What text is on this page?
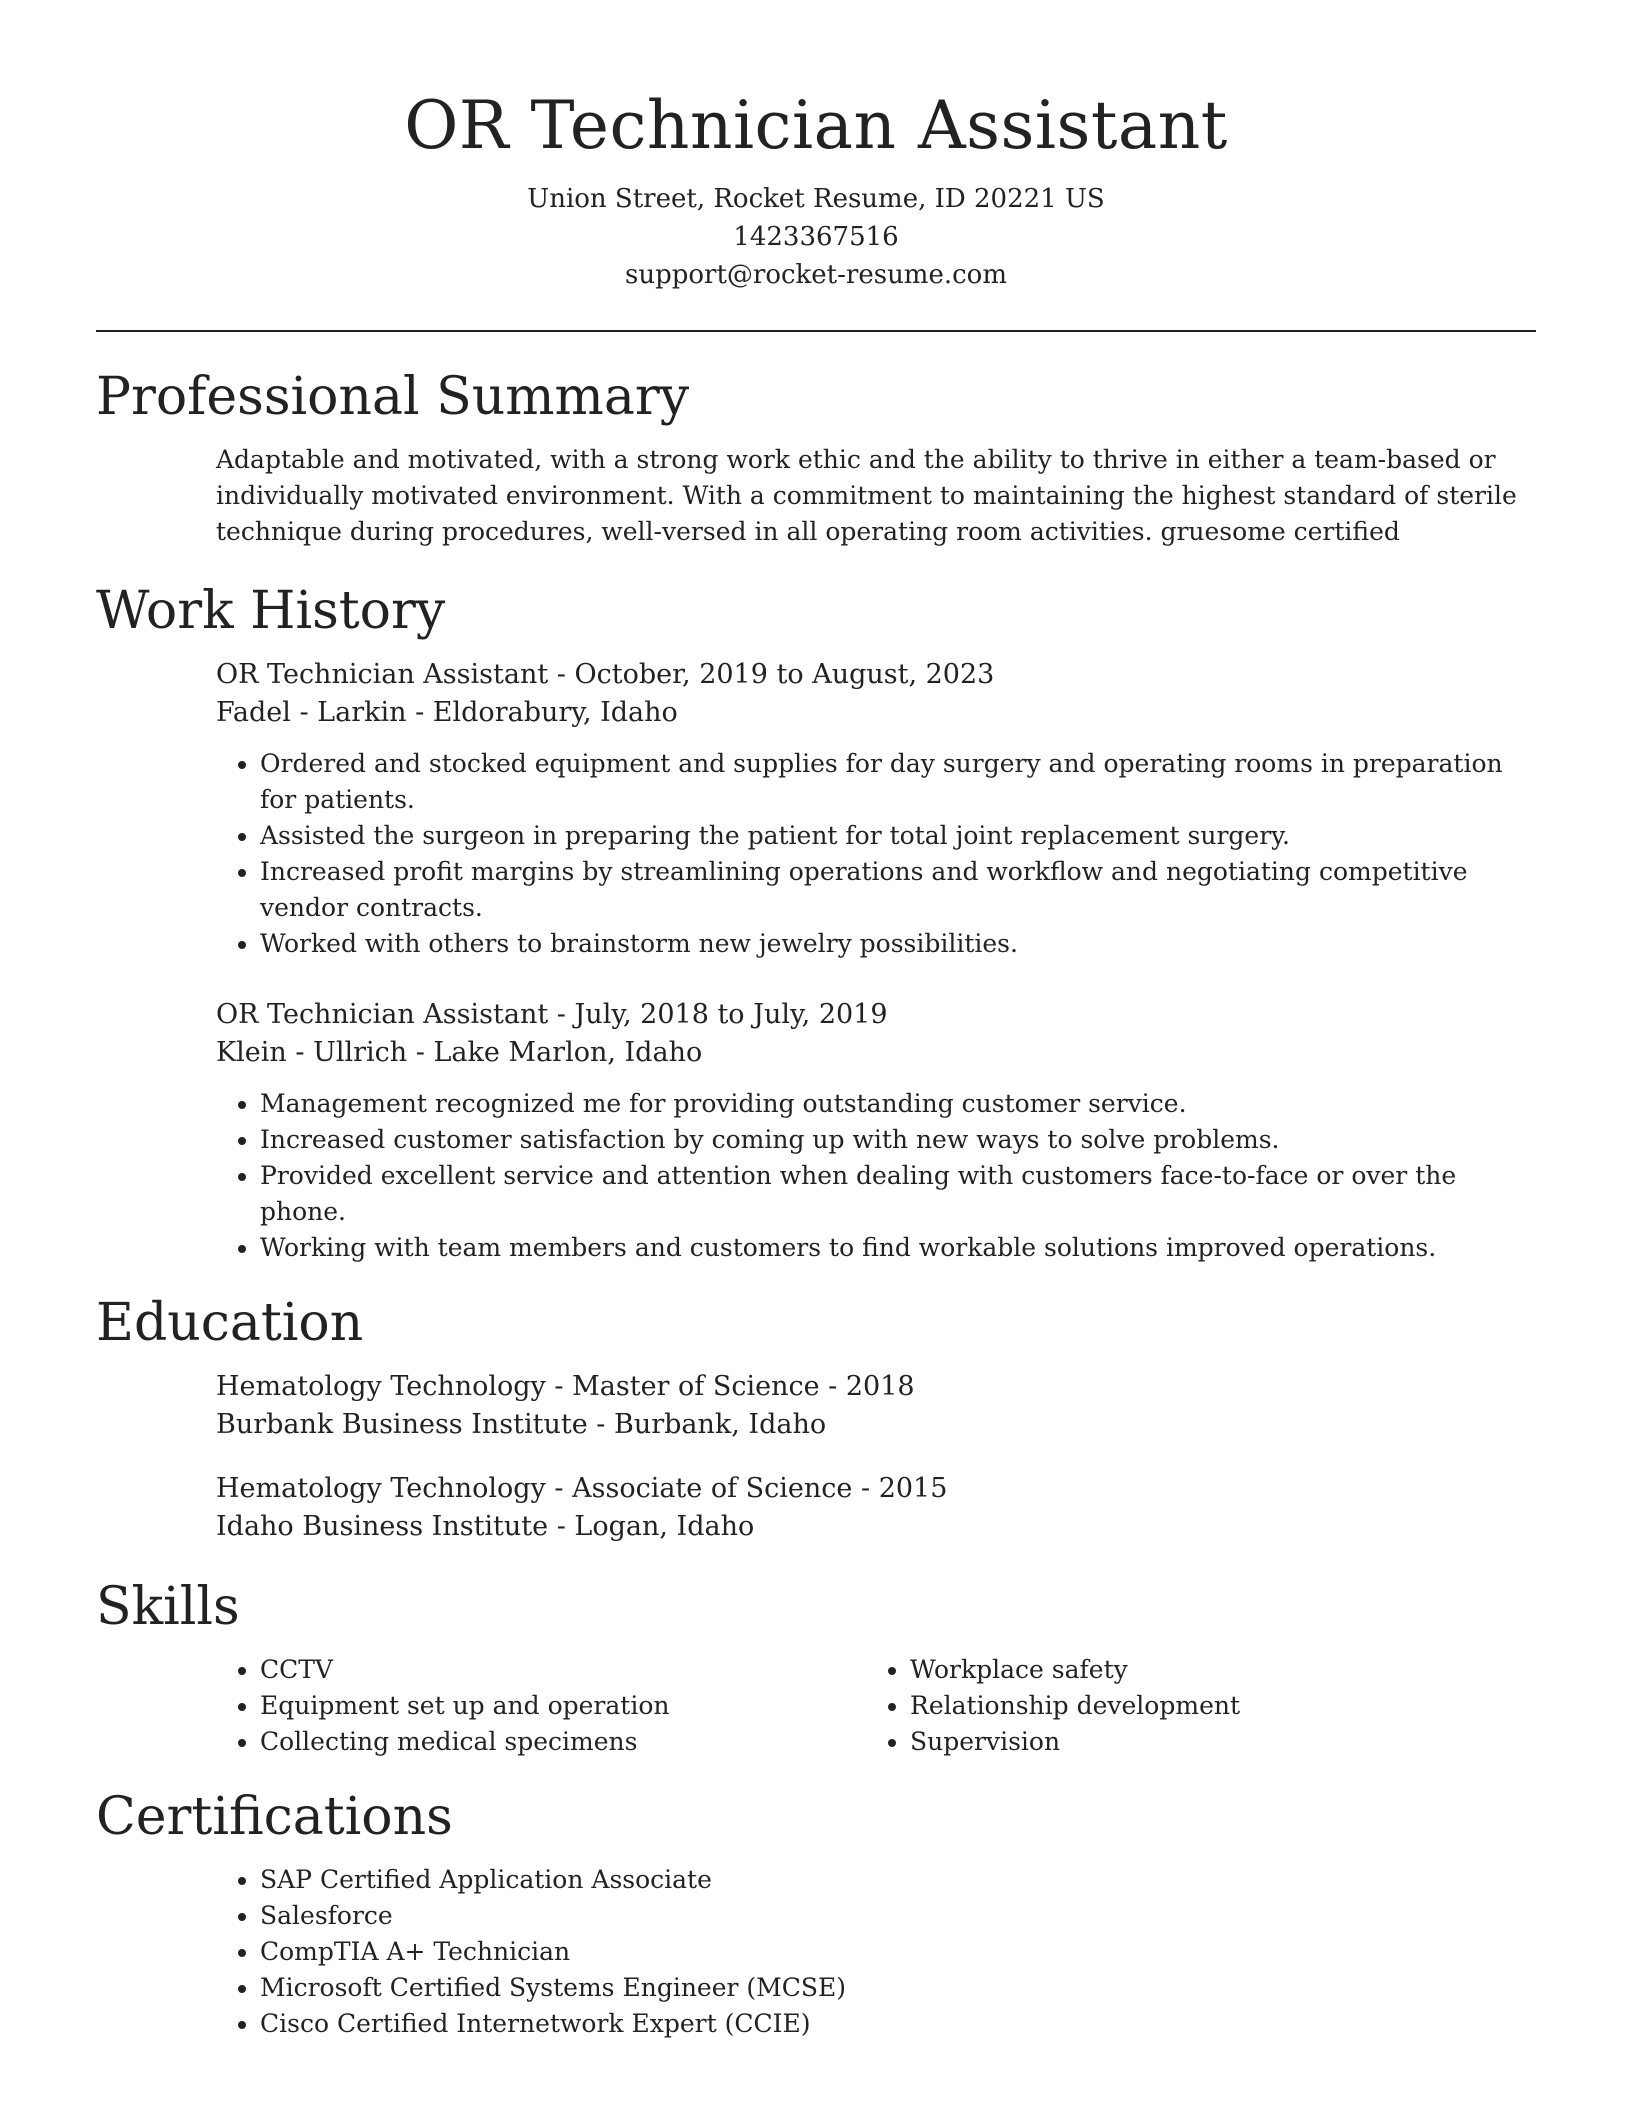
OR Technician Assistant

Union Street, Rocket Resume, ID 20221 US

1423367516

support@rocket-resume.com

Professional Summary

Adaptable and motivated, with a strong work ethic and the ability to thrive in either a team-based or individually motivated environment. With a commitment to maintaining the highest standard of sterile technique during procedures, well-versed in all operating room activities. gruesome certified

Work History

OR Technician Assistant - October, 2019 to August, 2023

Fadel - Larkin - Eldorabury, Idaho

• Ordered and stocked equipment and supplies for day surgery and operating rooms in preparation for patients.
• Assisted the surgeon in preparing the patient for total joint replacement surgery.
• Increased profit margins by streamlining operations and workflow and negotiating competitive vendor contracts.
• Worked with others to brainstorm new jewelry possibilities.

OR Technician Assistant - July, 2018 to July, 2019

Klein - Ullrich - Lake Marlon, Idaho

• Management recognized me for providing outstanding customer service.
• Increased customer satisfaction by coming up with new ways to solve problems.
• Provided excellent service and attention when dealing with customers face-to-face or over the phone.
• Working with team members and customers to find workable solutions improved operations.
Education

Hematology Technology - Master of Science - 2018

Burbank Business Institute - Burbank, Idaho

Hematology Technology - Associate of Science - 2015

Idaho Business Institute - Logan, Idaho

Skills
• CCTV
• Equipment set up and operation
• Collecting medical specimens
• Workplace safety
• Relationship development
• Supervision
Certifications
• SAP Certified Application Associate
• Salesforce
• CompTIA A+ Technician
• Microsoft Certified Systems Engineer (MCSE)
• Cisco Certified Internetwork Expert (CCIE)
